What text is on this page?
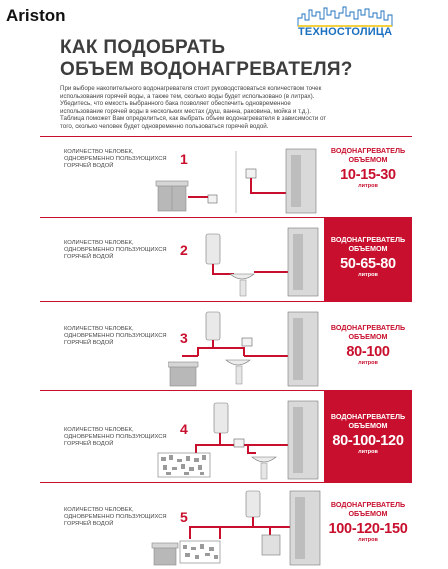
Ariston
ТЕХНОСТОЛИЦА
КАК ПОДОБРАТЬ
ОБЪЕМ ВОДОНАГРЕВАТЕЛЯ?
При выборе накопительного водонагревателя стоит руководствоваться количеством точек использования горячей воды, а также тем, сколько воды будет использовано (в литрах). Убедитесь, что емкость выбранного бака позволяет обеспечить одновременное использование горячей воды в нескольких местах (душ, ванна, раковина, мойка и т.д.). Таблица поможет Вам определиться, как выбрать объем водонагревателя в зависимости от того, сколько человек будет одновременно пользоваться горячей водой.
КОЛИЧЕСТВО ЧЕЛОВЕК, ОДНОВРЕМЕННО ПОЛЬЗУЮЩИХСЯ ГОРЯЧЕЙ ВОДОЙ	1
ВОДОНАГРЕВАТЕЛЬ ОБЪЕМОМ
10-15-30
литров
КОЛИЧЕСТВО ЧЕЛОВЕК, ОДНОВРЕМЕННО ПОЛЬЗУЮЩИХСЯ ГОРЯЧЕЙ ВОДОЙ	2
ВОДОНАГРЕВАТЕЛЬ ОБЪЕМОМ
50-65-80
литров
КОЛИЧЕСТВО ЧЕЛОВЕК, ОДНОВРЕМЕННО ПОЛЬЗУЮЩИХСЯ ГОРЯЧЕЙ ВОДОЙ	3
ВОДОНАГРЕВАТЕЛЬ ОБЪЕМОМ
80-100
литров
КОЛИЧЕСТВО ЧЕЛОВЕК, ОДНОВРЕМЕННО ПОЛЬЗУЮЩИХСЯ ГОРЯЧЕЙ ВОДОЙ
4
ВОДОНАГРЕВАТЕЛЬ ОБЪЕМОМ
80-100-120
литров
КОЛИЧЕСТВО ЧЕЛОВЕК, ОДНОВРЕМЕННО ПОЛЬЗУЮЩИХСЯ ГОРЯЧЕЙ ВОДОЙ	5
ВОДОНАГРЕВАТЕЛЬ ОБЪЕМОМ
100-120-150
литров
